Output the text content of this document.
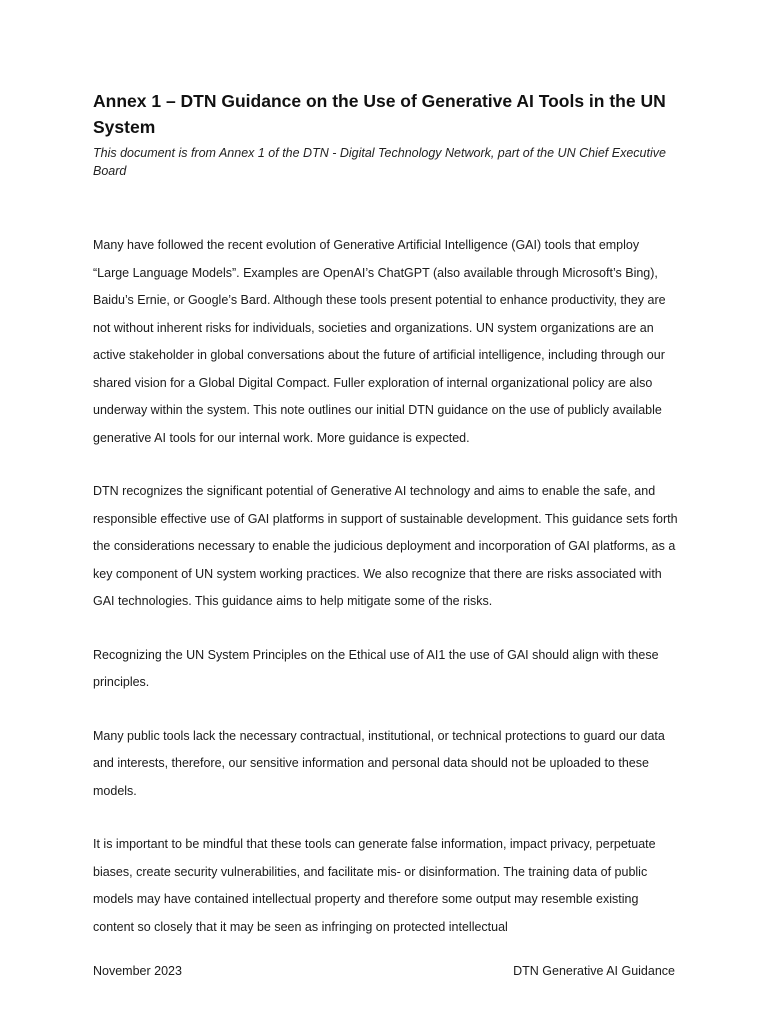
Annex 1 – DTN Guidance on the Use of Generative AI Tools in the UN System
This document is from Annex 1 of the DTN - Digital Technology Network, part of the UN Chief Executive Board

Many have followed the recent evolution of Generative Artificial Intelligence (GAI) tools that employ “Large Language Models”. Examples are OpenAI’s ChatGPT (also available through Microsoft’s Bing), Baidu’s Ernie, or Google’s Bard. Although these tools present potential to enhance productivity, they are not without inherent risks for individuals, societies and organizations. UN system organizations are an active stakeholder in global conversations about the future of artificial intelligence, including through our shared vision for a Global Digital Compact. Fuller exploration of internal organizational policy are also underway within the system. This note outlines our initial DTN guidance on the use of publicly available generative AI tools for our internal work. More guidance is expected.

DTN recognizes the significant potential of Generative AI technology and aims to enable the safe, and responsible effective use of GAI platforms in support of sustainable development. This guidance sets forth the considerations necessary to enable the judicious deployment and incorporation of GAI platforms, as a key component of UN system working practices. We also recognize that there are risks associated with GAI technologies. This guidance aims to help mitigate some of the risks.

Recognizing the UN System Principles on the Ethical use of AI1 the use of GAI should align with these principles.

Many public tools lack the necessary contractual, institutional, or technical protections to guard our data and interests, therefore, our sensitive information and personal data should not be uploaded to these models.

It is important to be mindful that these tools can generate false information, impact privacy, perpetuate biases, create security vulnerabilities, and facilitate mis- or disinformation. The training data of public models may have contained intellectual property and therefore some output may resemble existing content so closely that it may be seen as infringing on protected intellectual

November 2023	DTN Generative AI Guidance
